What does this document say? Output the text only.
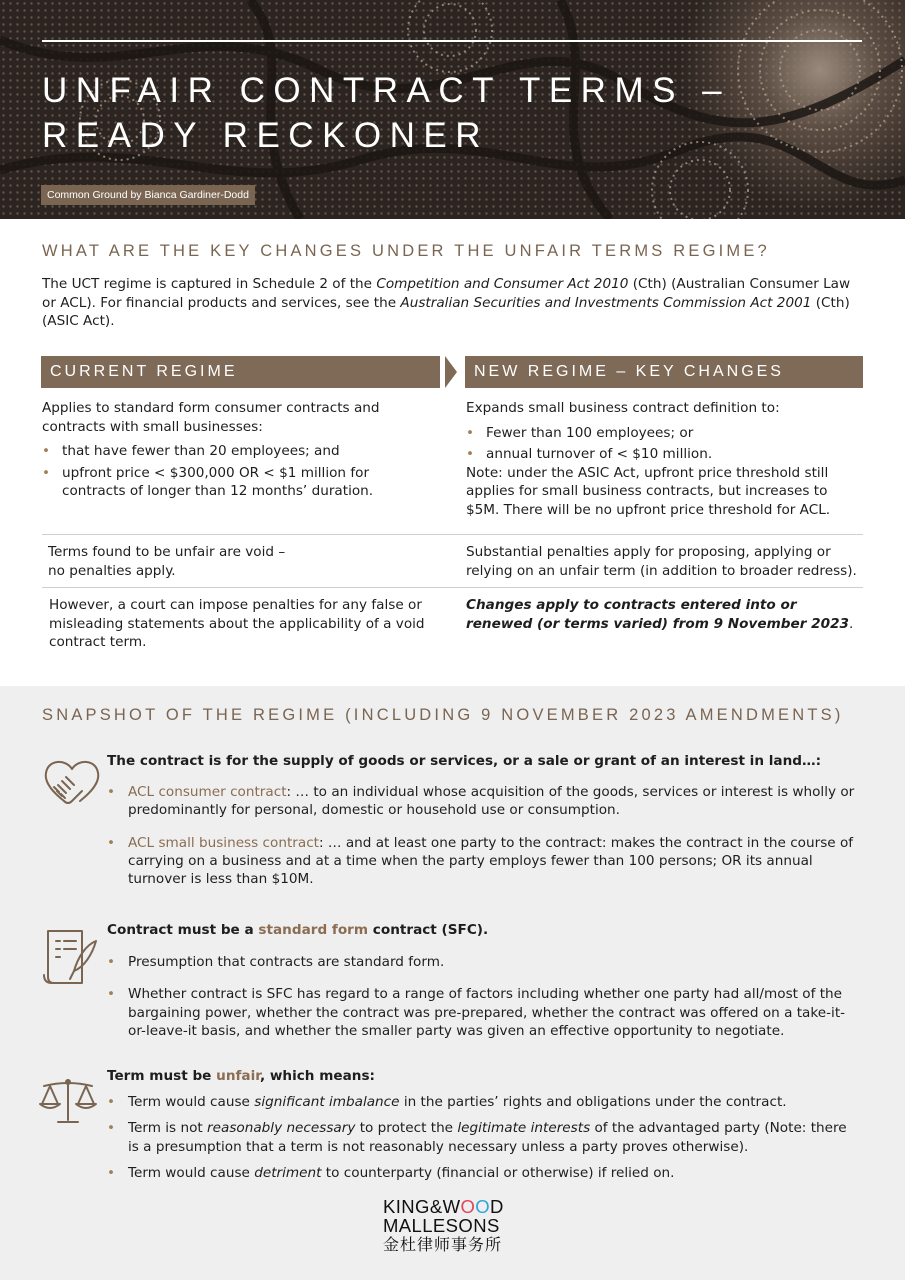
UNFAIR CONTRACT TERMS –
READY RECKONER
Common Ground by Bianca Gardiner-Dodd
WHAT ARE THE KEY CHANGES UNDER THE UNFAIR TERMS REGIME?

The UCT regime is captured in Schedule 2 of the Competition and Consumer Act 2010 (Cth) (Australian Consumer Law or ACL). For financial products and services, see the Australian Securities and Investments Commission Act 2001 (Cth) (ASIC Act).

CURRENT REGIME	NEW REGIME – KEY CHANGES

Applies to standard form consumer contracts and contracts with small businesses:

• that have fewer than 20 employees; and
• upfront price < $300,000 OR < $1 million for contracts of longer than 12 months’ duration.

Expands small business contract definition to:

• Fewer than 100 employees; or
• annual turnover of < $10 million.

Note: under the ASIC Act, upfront price threshold still applies for small business contracts, but increases to $5M. There will be no upfront price threshold for ACL.

Terms found to be unfair are void –

no penalties apply.

Substantial penalties apply for proposing, applying or relying on an unfair term (in addition to broader redress).

However, a court can impose penalties for any false or misleading statements about the applicability of a void contract term.

Changes apply to contracts entered into or renewed (or terms varied) from 9 November 2023.

SNAPSHOT OF THE REGIME (INCLUDING 9 NOVEMBER 2023 AMENDMENTS)

The contract is for the supply of goods or services, or a sale or grant of an interest in land…:

• ACL consumer contract: … to an individual whose acquisition of the goods, services or interest is wholly or predominantly for personal, domestic or household use or consumption.
• ACL small business contract: … and at least one party to the contract: makes the contract in the course of carrying on a business and at a time when the party employs fewer than 100 persons; OR its annual turnover is less than $10M.

Contract must be a standard form contract (SFC).

• Presumption that contracts are standard form.
• Whether contract is SFC has regard to a range of factors including whether one party had all/most of the bargaining power, whether the contract was pre-prepared, whether the contract was offered on a take-it-or-leave-it basis, and whether the smaller party was given an effective opportunity to negotiate.

Term must be unfair, which means:

• Term would cause significant imbalance in the parties’ rights and obligations under the contract.
• Term is not reasonably necessary to protect the legitimate interests of the advantaged party (Note: there is a presumption that a term is not reasonably necessary unless a party proves otherwise).
• Term would cause detriment to counterparty (financial or otherwise) if relied on.
KING&WOOD
MALLESONS
金杜律师事务所
